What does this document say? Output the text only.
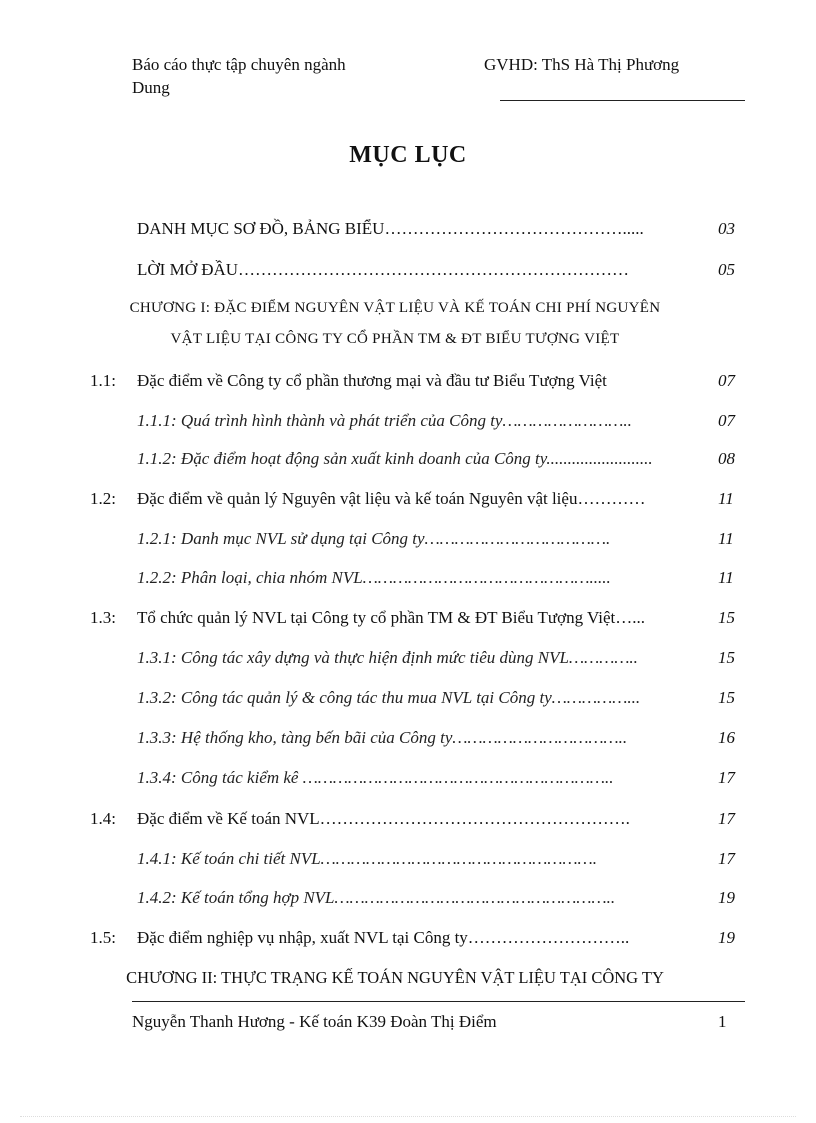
Báo cáo thực tập chuyên ngành Dung
GVHD: ThS Hà Thị Phương
MỤC LỤC
DANH MỤC SƠ ĐỒ, BẢNG BIỂU…………………………………….....	03
LỜI MỞ ĐẦU……………………………………………………………	05
CHƯƠNG I: ĐẶC ĐIỂM NGUYÊN VẬT LIỆU VÀ KẾ TOÁN CHI PHÍ NGUYÊN
VẬT LIỆU TẠI CÔNG TY CỔ PHẦN TM & ĐT BIỂU TƯỢNG VIỆT
1.1: Đặc điểm về Công ty cổ phần thương mại và đầu tư Biểu Tượng Việt	07
1.1.1: Quá trình hình thành và phát triển của Công ty……………………..	07
1.1.2: Đặc điểm hoạt động sản xuất kinh doanh của Công ty.........................	08
1.2: Đặc điểm về quản lý Nguyên vật liệu và kế toán Nguyên vật liệu…………	11
1.2.1: Danh mục NVL sử dụng tại Công ty……………………………….	11
1.2.2: Phân loại, chia nhóm NVL……………………………………….....	11
1.3: Tổ chức quản lý NVL tại Công ty cổ phần TM & ĐT Biểu Tượng Việt…...	15
1.3.1: Công tác xây dựng và thực hiện định mức tiêu dùng NVL…………..	15
1.3.2: Công tác quản lý & công tác thu mua NVL tại Công ty……………...	15
1.3.3: Hệ thống kho, tàng bến bãi của Công ty……………………………..	16
1.3.4: Công tác kiểm kê ……………………………………………………..	17
1.4: Đặc điểm về Kế toán NVL……………………………………………….	17
1.4.1: Kế toán chi tiết NVL……………………………………………….	17
1.4.2: Kế toán tổng hợp NVL………………………………………………..	19
1.5: Đặc điểm nghiệp vụ nhập, xuất NVL tại Công ty………………………..	19
CHƯƠNG II: THỰC TRẠNG KẾ TOÁN NGUYÊN VẬT LIỆU TẠI CÔNG TY
Nguyễn Thanh Hương - Kế toán K39 Đoàn Thị Điểm	1
